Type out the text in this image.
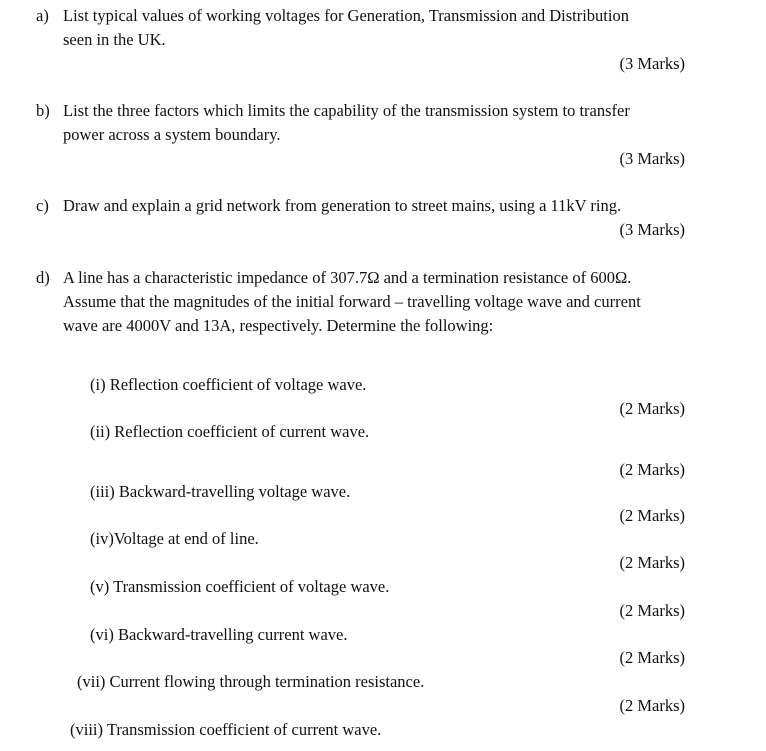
a) List typical values of working voltages for Generation, Transmission and Distribution
seen in the UK.
(3 Marks)
b) List the three factors which limits the capability of the transmission system to transfer
power across a system boundary.
(3 Marks)
c) Draw and explain a grid network from generation to street mains, using a 11kV ring.
(3 Marks)
d) A line has a characteristic impedance of 307.7Ω and a termination resistance of 600Ω.
Assume that the magnitudes of the initial forward – travelling voltage wave and current
wave are 4000V and 13A, respectively. Determine the following:
(i) Reflection coefficient of voltage wave.
(2 Marks)
(ii) Reflection coefficient of current wave.
(2 Marks)
(iii) Backward-travelling voltage wave.
(2 Marks)
(iv)Voltage at end of line.
(2 Marks)
(v) Transmission coefficient of voltage wave.
(2 Marks)
(vi) Backward-travelling current wave.
(2 Marks)
(vii) Current flowing through termination resistance.
(2 Marks)
(viii) Transmission coefficient of current wave.
